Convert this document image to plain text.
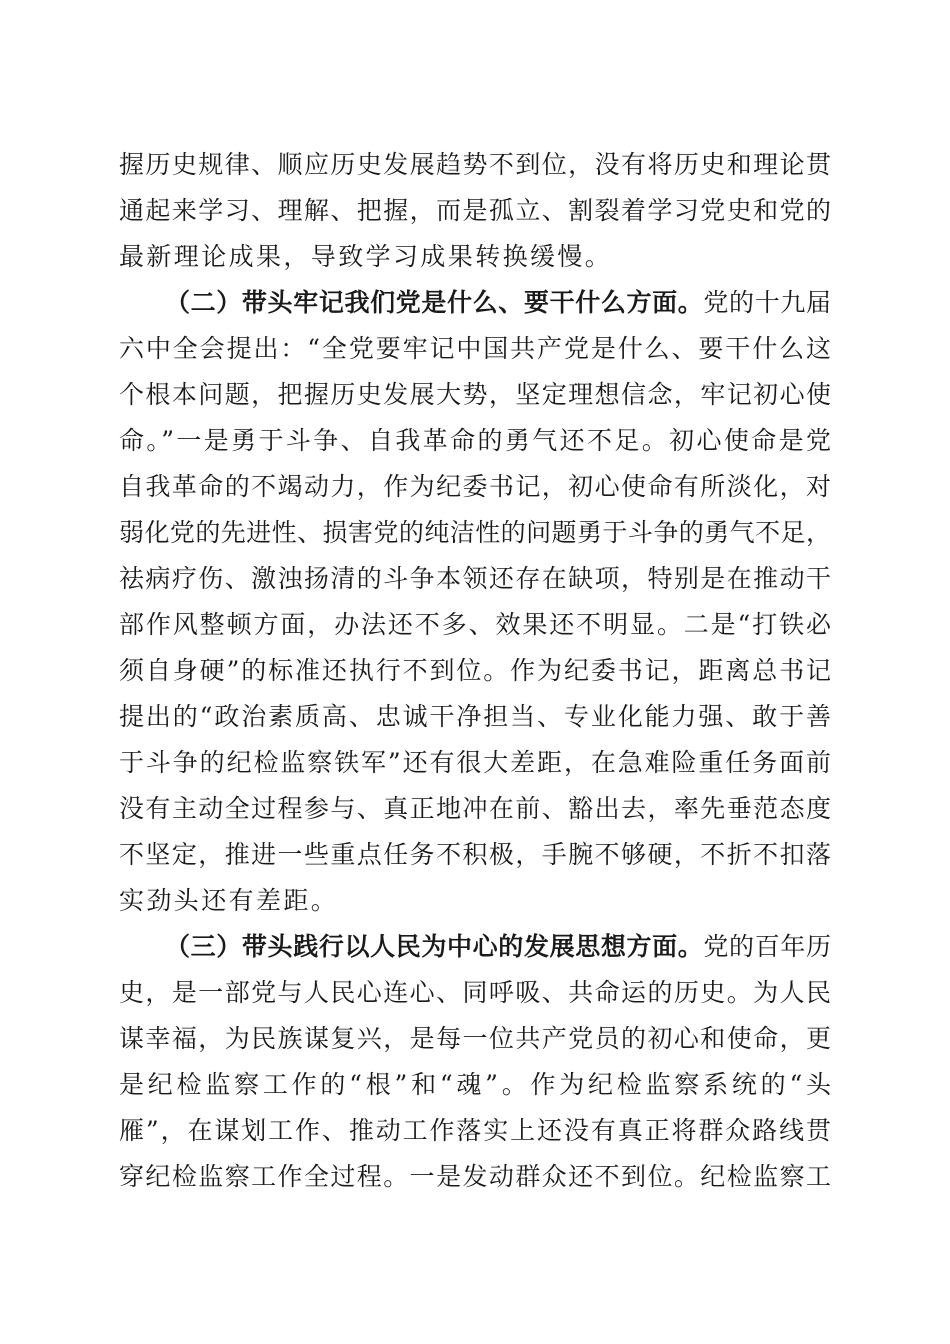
握历史规律、顺应历史发展趋势不到位，没有将历史和理论贯
通起来学习、理解、把握，而是孤立、割裂着学习党史和党的
最新理论成果，导致学习成果转换缓慢。
（二）带头牢记我们党是什么、要干什么方面。党的十九届
六中全会提出：“全党要牢记中国共产党是什么、要干什么这
个根本问题，把握历史发展大势，坚定理想信念，牢记初心使
命。”一是勇于斗争、自我革命的勇气还不足。初心使命是党
自我革命的不竭动力，作为纪委书记，初心使命有所淡化，对
弱化党的先进性、损害党的纯洁性的问题勇于斗争的勇气不足，
祛病疗伤、激浊扬清的斗争本领还存在缺项，特别是在推动干
部作风整顿方面，办法还不多、效果还不明显。二是“打铁必
须自身硬”的标准还执行不到位。作为纪委书记，距离总书记
提出的“政治素质高、忠诚干净担当、专业化能力强、敢于善
于斗争的纪检监察铁军”还有很大差距，在急难险重任务面前
没有主动全过程参与、真正地冲在前、豁出去，率先垂范态度
不坚定，推进一些重点任务不积极，手腕不够硬，不折不扣落
实劲头还有差距。
（三）带头践行以人民为中心的发展思想方面。党的百年历
史，是一部党与人民心连心、同呼吸、共命运的历史。为人民
谋幸福，为民族谋复兴，是每一位共产党员的初心和使命，更
是纪检监察工作的“根”和“魂”。作为纪检监察系统的“头
雁”，在谋划工作、推动工作落实上还没有真正将群众路线贯
穿纪检监察工作全过程。一是发动群众还不到位。纪检监察工
